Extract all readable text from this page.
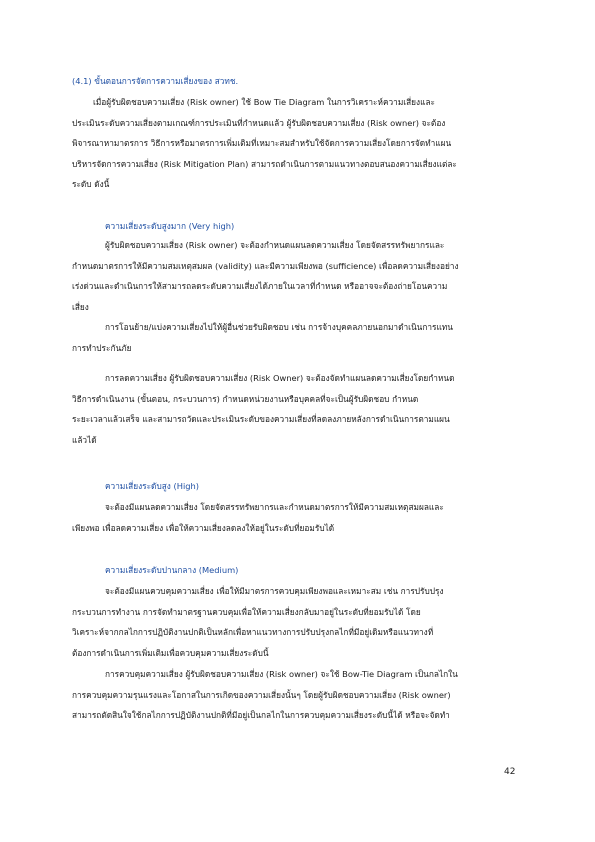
(4.1) ขั้นตอนการจัดการความเสี่ยงของ สวทช.
เมื่อผู้รับผิดชอบความเสี่ยง (Risk owner) ใช้ Bow Tie Diagram ในการวิเคราะห์ความเสี่ยงและ
ประเมินระดับความเสี่ยงตามเกณฑ์การประเมินที่กำหนดแล้ว ผู้รับผิดชอบความเสี่ยง (Risk owner) จะต้อง
พิจารณาหามาตรการ วิธีการหรือมาตรการเพิ่มเติมที่เหมาะสมสำหรับใช้จัดการความเสี่ยงโดยการจัดทำแผน
บริหารจัดการความเสี่ยง (Risk Mitigation Plan) สามารถดำเนินการตามแนวทางตอบสนองความเสี่ยงแต่ละ
ระดับ ดังนี้
ความเสี่ยงระดับสูงมาก (Very high)
ผู้รับผิดชอบความเสี่ยง (Risk owner) จะต้องกำหนดแผนลดความเสี่ยง โดยจัดสรรทรัพยากรและ
กำหนดมาตรการให้มีความสมเหตุสมผล (validity) และมีความเพียงพอ (sufficience) เพื่อลดความเสี่ยงอย่าง
เร่งด่วนและดำเนินการให้สามารถลดระดับความเสี่ยงได้ภายในเวลาที่กำหนด หรืออาจจะต้องถ่ายโอนความ
เสี่ยง
การโอนย้าย/แบ่งความเสี่ยงไปให้ผู้อื่นช่วยรับผิดชอบ เช่น การจ้างบุคคลภายนอกมาดำเนินการแทน
การทำประกันภัย
การลดความเสี่ยง ผู้รับผิดชอบความเสี่ยง (Risk Owner) จะต้องจัดทำแผนลดความเสี่ยงโดยกำหนด
วิธีการดำเนินงาน (ขั้นตอน, กระบวนการ) กำหนดหน่วยงานหรือบุคคลที่จะเป็นผู้รับผิดชอบ กำหนด
ระยะเวลาแล้วเสร็จ และสามารถวัดและประเมินระดับของความเสี่ยงที่ลดลงภายหลังการดำเนินการตามแผน
แล้วได้
ความเสี่ยงระดับสูง (High)
จะต้องมีแผนลดความเสี่ยง โดยจัดสรรทรัพยากรและกำหนดมาตรการให้มีความสมเหตุสมผลและ
เพียงพอ เพื่อลดความเสี่ยง เพื่อให้ความเสี่ยงลดลงให้อยู่ในระดับที่ยอมรับได้
ความเสี่ยงระดับปานกลาง (Medium)
จะต้องมีแผนควบคุมความเสี่ยง เพื่อให้มีมาตรการควบคุมเพียงพอและเหมาะสม เช่น การปรับปรุง
กระบวนการทำงาน การจัดทำมาตรฐานควบคุมเพื่อให้ความเสี่ยงกลับมาอยู่ในระดับที่ยอมรับได้ โดย
วิเคราะห์จากกลไกการปฏิบัติงานปกติเป็นหลักเพื่อหาแนวทางการปรับปรุงกลไกที่มีอยู่เดิมหรือแนวทางที่
ต้องการดำเนินการเพิ่มเติมเพื่อควบคุมความเสี่ยงระดับนี้
การควบคุมความเสี่ยง ผู้รับผิดชอบความเสี่ยง (Risk owner) จะใช้ Bow-Tie Diagram เป็นกลไกใน
การควบคุมความรุนแรงและโอกาสในการเกิดของความเสี่ยงนั้นๆ โดยผู้รับผิดชอบความเสี่ยง (Risk owner)
สามารถตัดสินใจใช้กลไกการปฏิบัติงานปกติที่มีอยู่เป็นกลไกในการควบคุมความเสี่ยงระดับนี้ได้ หรือจะจัดทำ
42
